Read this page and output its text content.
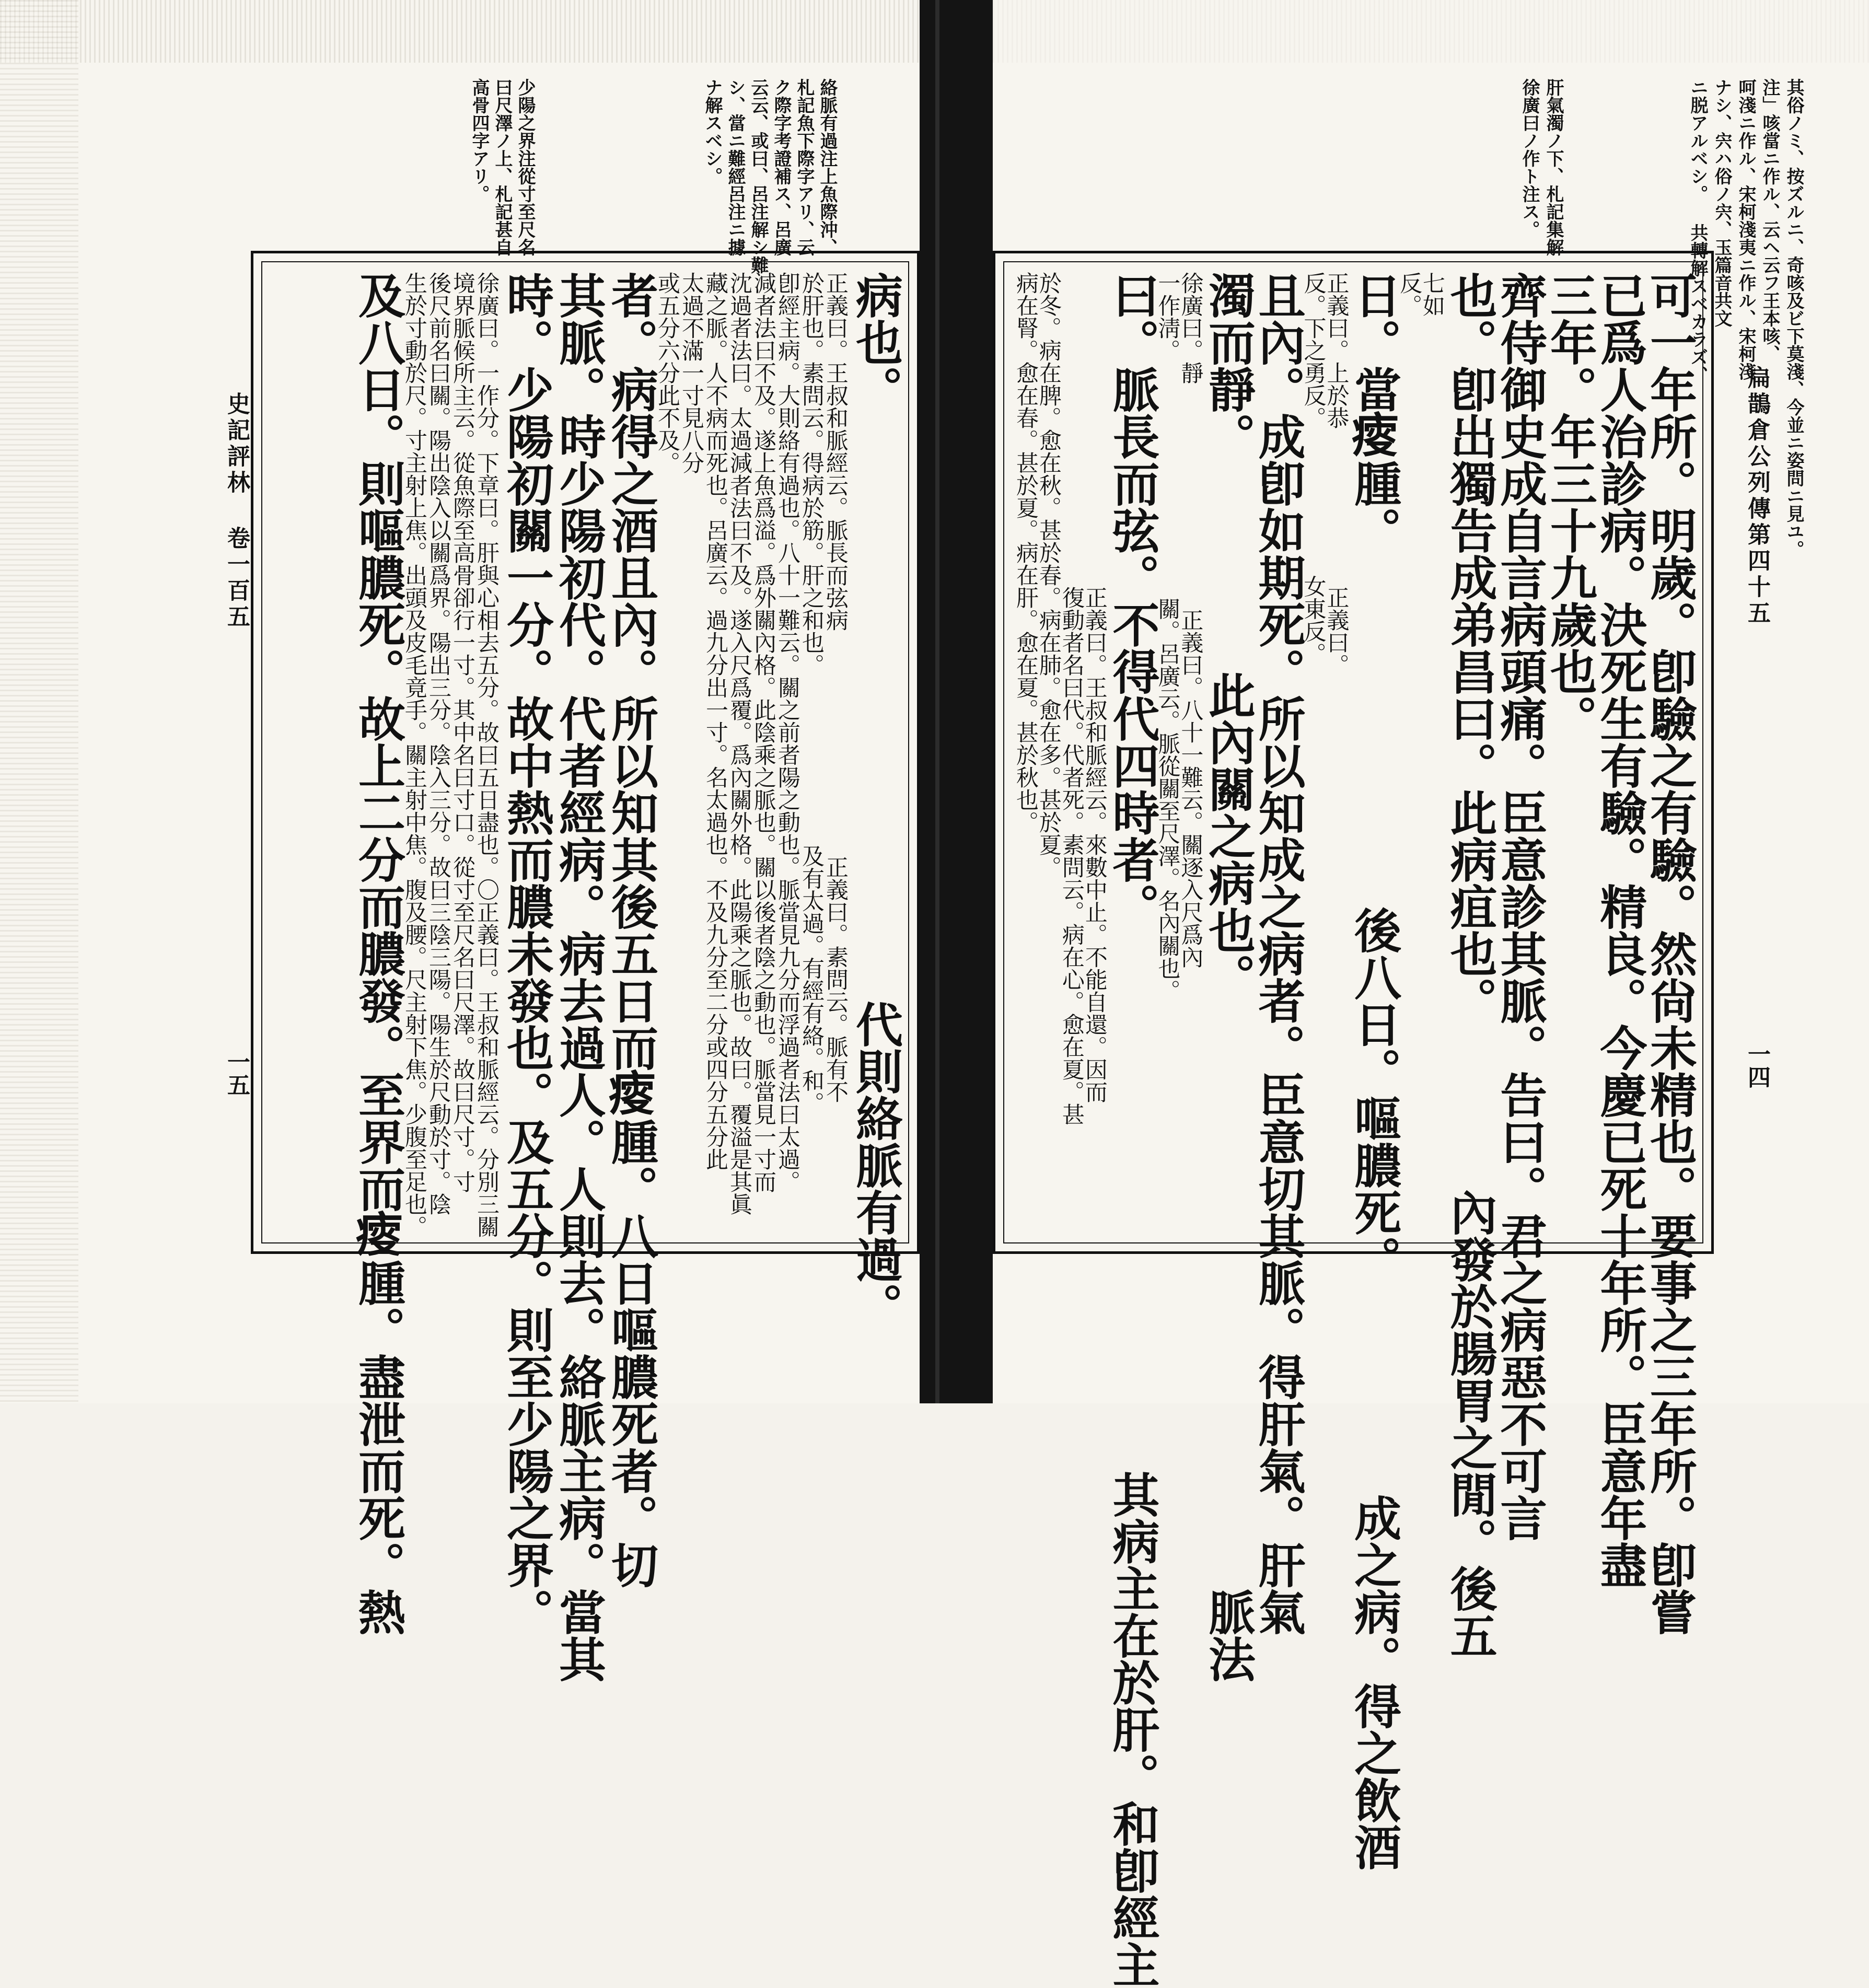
絡脈有過注上魚際沖、
札記魚下際字アリ、云
ク際字考證補ス、呂廣
云云、或曰、呂注解シ難
シ、當ニ難經呂注ニ據
ナ解スベシ。
少陽之界注從寸至尺名
曰尺澤ノ上、札記甚自
高骨四字アリ。
病也。　　　　　　　　　　　　　代則絡脈有過。
正義曰。王叔和脈經云。脈長而弦病　　　　　　　　　　正義曰。素問云。脈有不
於肝也。素問云。得病於筋。肝之和也。　　　　　　　　及有太過。有經有絡。和。
卽經主病。大則絡有過也。八十一難云。關之前者陽之動也。脈當見九分而浮過者法曰太過。
減者法曰不及。遂上魚爲溢。爲外關內格。此陰乘之脈也。關以後者陰之動也。脈當見一寸而
沈過者法曰。太過減者法曰不及。遂入尺爲覆。爲內關外格。此陽乘之脈也。故曰。覆溢是其眞
藏之脈。人不病而死也。呂廣云。過九分出一寸。名太過也。不及九分至二分或四分五分此
太過不滿一寸見八分
或五分六分此不及。
者。病得之酒且內。所以知其後五日而𤸃腫。八日嘔膿死者。切
其脈。時少陽初代。代者經病。病去過人。人則去。絡脈主病。當其
時。少陽初關一分。故中熱而膿未發也。及五分。則至少陽之界。
徐廣曰。一作分。下章曰。肝與心相去五分。故曰五日盡也。〇正義曰。王叔和脈經云。分別三關
境界脈候所主云。從魚際至高骨卻行一寸。其中名曰寸口。從寸至尺名曰尺澤。故曰尺寸。寸
後尺前名曰關。陽出陰入以關爲界。陽出三分。陰入三分。故曰三陰三陽。陽生於尺動於寸。陰
生於寸動於尺。寸主射上焦。出頭及皮毛竟手。關主射中焦。腹及腰。尺主射下焦。少腹至足也。
及八日。則嘔膿死。故上二分而膿發。至界而𤸃腫。盡泄而死。熱
史記評林 卷一百五
一五
其俗ノミ、按ズルニ、奇咳及ビ下莫淺、今並ニ姿問ニ見ユ。
注」咳當ニ作ル、云ヘ云フ王本咳、
呵淺ニ作ル、宋柯淺夷ニ作ル、宋柯淺
ナシ、宍ハ俗ノ宍、玉篇音共文
ニ脱アルベシ。 共轉解スベカラズ、
肝氣濁ノ下、札記集解
徐廣曰ノ作ト注ス。
可一年所。明歲。卽驗之有驗。然尙未精也。要事之三年所。卽嘗
已爲人治診病。決死生有驗。精良。今慶已死十年所。臣意年盡
三年。年三十九歲也。
齊侍御史成自言病頭痛。臣意診其脈。告曰。君之病惡不可言
也。卽出獨告成弟昌曰。此病疽也。　　　　內發於腸胃之閒。後五
七如
反。
日。當𤸃腫。　　　　　　　　後八日。嘔膿死。　　　　　成之病。得之飲酒
正義曰。上於恭　　　　　　　正義曰。
反。下之勇反。　　　　　　　女東反。
且內。成卽如期死。所以知成之病者。臣意切其脈。得肝氣。肝氣
濁而靜。　　　　　此內關之病也。　　　　　　　　　　　　　脈法
徐廣曰。靜　　　　　　　　　　正義曰。八十一難云。關逐入尺爲內
一作淸。　　　　　　　　　　　關。呂廣云。脈從關至尺澤。名內關也。
曰。脈長而弦。不得代四時者。　　　　　　　　　　　　其病主在於肝。和卽經主
　　　　　　　　　　　　　　正義曰。王叔和脈經云。來數中止。不能自還。因而
　　　　　　　　　　　　　　復動者名曰代。代者死。素問云。病在心。愈在夏。甚
於冬。病在脾。愈在秋。甚於春。病在肺。愈在多。甚於夏。
病在腎。愈在春。甚於夏。病在肝。愈在夏。甚於秋也。	扁鵲倉公列傳第四十五
一四
